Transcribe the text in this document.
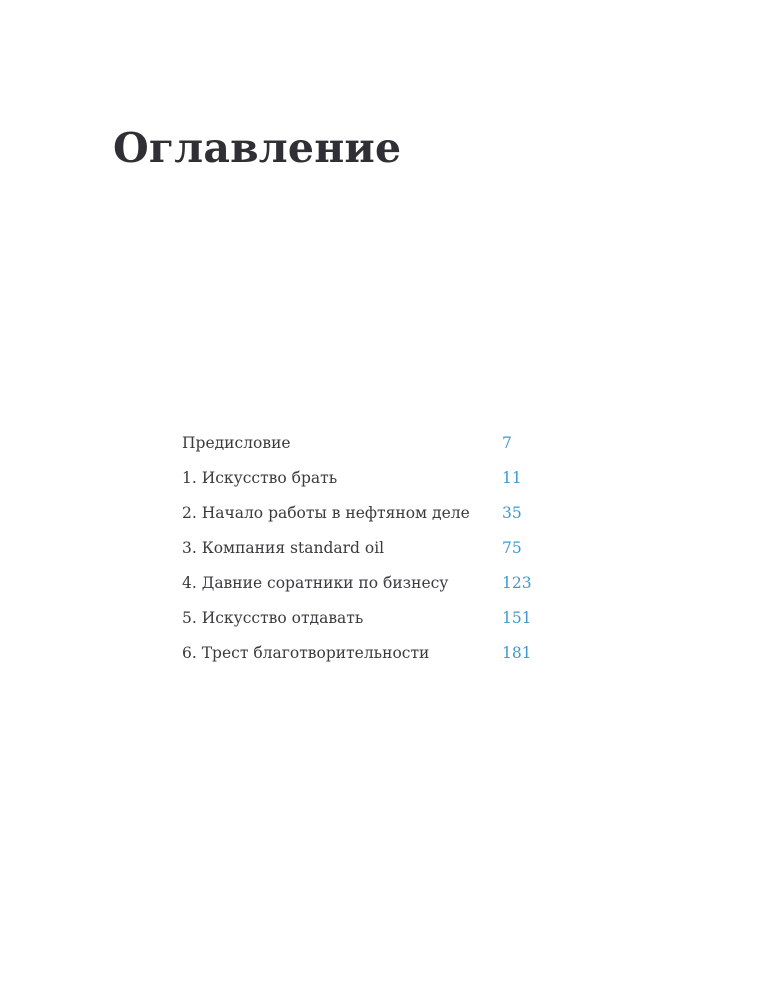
Оглавление
Предисловие	7
1. Искусство брать	11
2. Начало работы в нефтяном деле 35
3. Компания standard oil	75
4. Давние соратники по бизнесу	123
5. Искусство отдавать	151
6. Трест благотворительности	181
